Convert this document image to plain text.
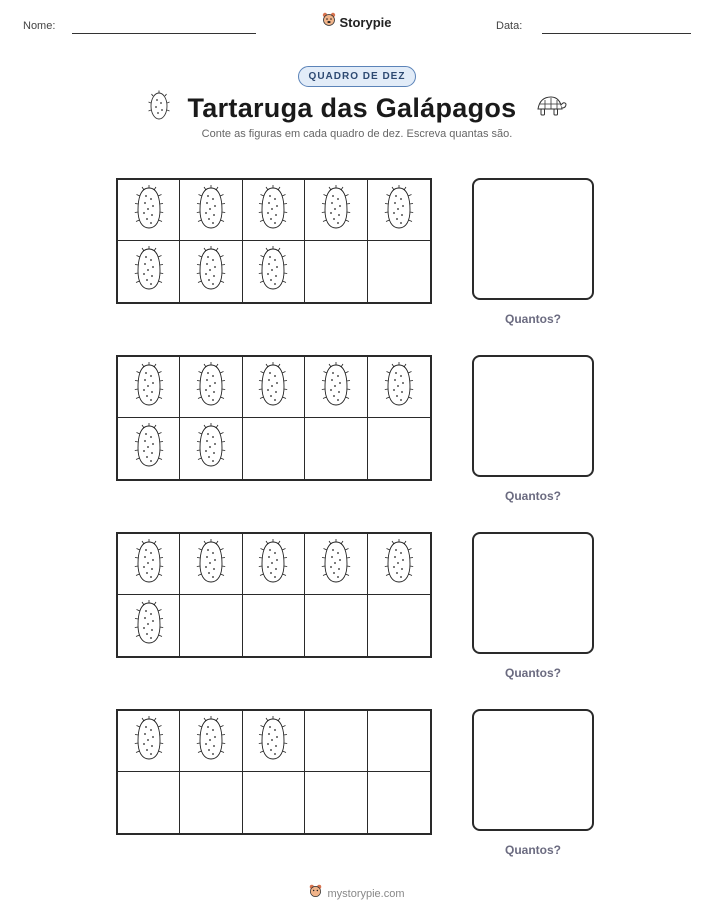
Nome:	Storypie	Data:
QUADRO DE DEZ
Tartaruga das Galápagos
Conte as figuras em cada quadro de dez. Escreva quantas são.
Quantos?
Quantos?
Quantos?
Quantos?
mystorypie.com
